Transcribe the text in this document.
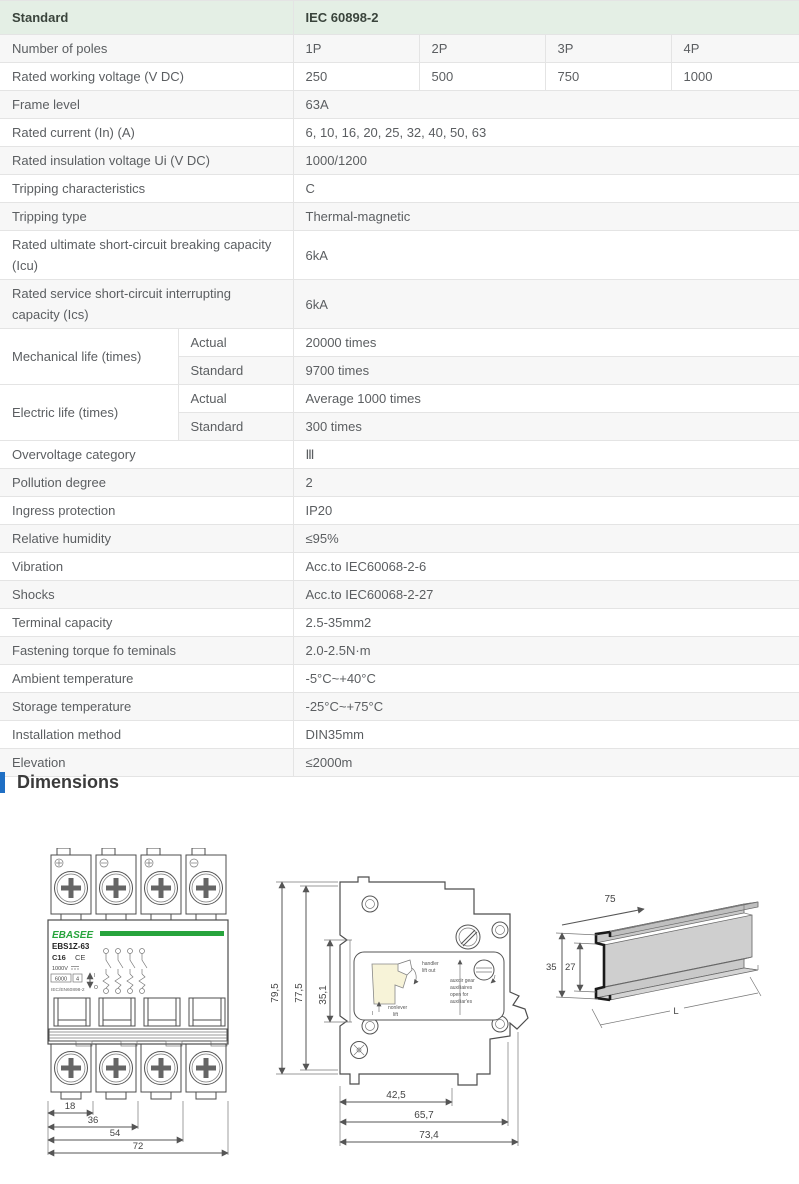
Standard		IEC 60898-2			
Number of poles		1P	2P	3P	4P
Rated working voltage (V DC)		250	500	750	1000
Frame level		63A			
Rated current (In) (A)		6, 10, 16, 20, 25, 32, 40, 50, 63			
Rated insulation voltage Ui (V DC)		1000/1200			
Tripping characteristics		C			
Tripping type		Thermal-magnetic			
Rated ultimate short-circuit breaking capacity (Icu)		6kA			
Rated service short-circuit interrupting capacity (Ics)		6kA			
Mechanical life (times)	Actual	20000 times			
	Standard	9700 times			
Electric life (times)	Actual	Average 1000 times			
	Standard	300 times			
Overvoltage category		Ⅲ			
Pollution degree		2			
Ingress protection		IP20			
Relative humidity		≤95%			
Vibration		Acc.to IEC60068-2-6			
Shocks		Acc.to IEC60068-2-27			
Terminal capacity		2.5-35mm2			
Fastening torque fo teminals		2.0-2.5N·m			
Ambient temperature		-5°C~+40°C			
Storage temperature		-25°C~+75°C			
Installation method		DIN35mm			
Elevation		≤2000m			
Dimensions
EBASEE
EBS1Z-63
C16 CE
1000V
6000 4
IEC/EN60898-2
I
O
18
36
54
72
I
handler
lift out
nonlever
lift
auxcir gear
auxiliaires
open for
auxiliar'es
79,5 77,5 35,1
42,5
65,7
73,4
75
35 27
L
